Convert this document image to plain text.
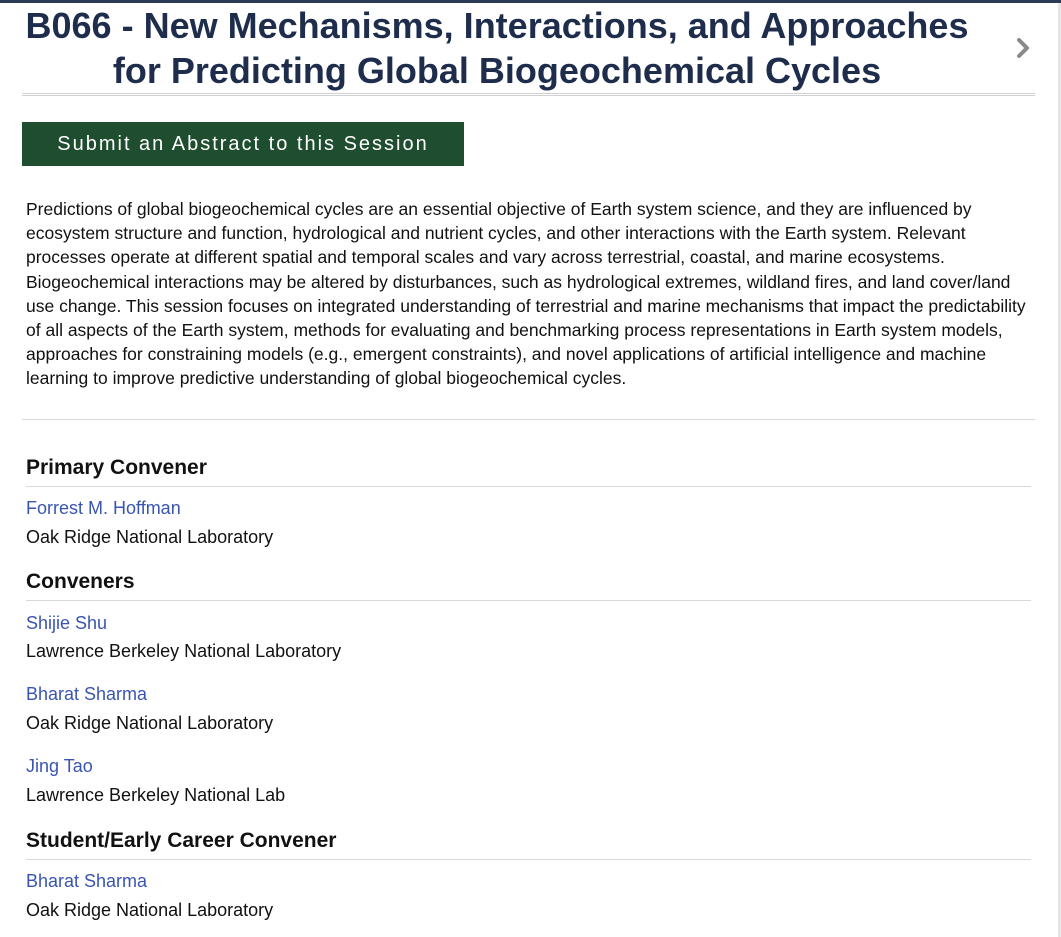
B066 - New Mechanisms, Interactions, and Approaches
for Predicting Global Biogeochemical Cycles
Submit an Abstract to this Session

Predictions of global biogeochemical cycles are an essential objective of Earth system science, and they are influenced by ecosystem structure and function, hydrological and nutrient cycles, and other interactions with the Earth system. Relevant processes operate at different spatial and temporal scales and vary across terrestrial, coastal, and marine ecosystems. Biogeochemical interactions may be altered by disturbances, such as hydrological extremes, wildland fires, and land cover/land use change. This session focuses on integrated understanding of terrestrial and marine mechanisms that impact the predictability of all aspects of the Earth system, methods for evaluating and benchmarking process representations in Earth system models, approaches for constraining models (e.g., emergent constraints), and novel applications of artificial intelligence and machine learning to improve predictive understanding of global biogeochemical cycles.

Primary Convener
Forrest M. Hoffman
Oak Ridge National Laboratory
Conveners
Shijie Shu
Lawrence Berkeley National Laboratory
Bharat Sharma
Oak Ridge National Laboratory
Jing Tao
Lawrence Berkeley National Lab
Student/Early Career Convener
Bharat Sharma
Oak Ridge National Laboratory
